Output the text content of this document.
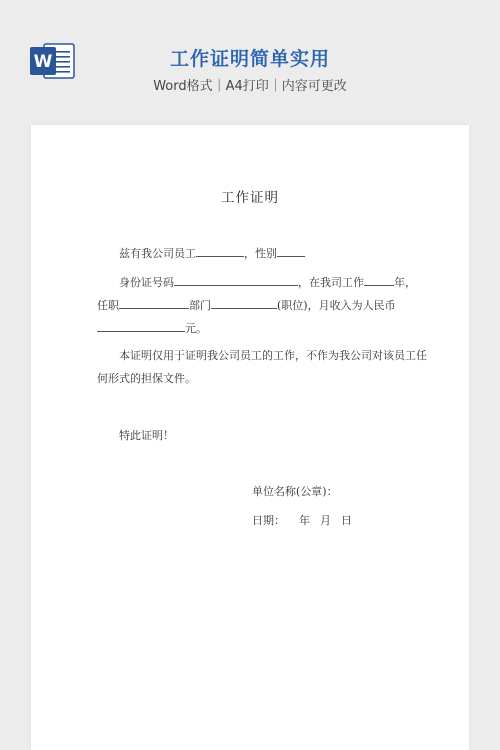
W	工作证明简单实用
Word格式｜A4打印｜内容可更改
工作证明
兹有我公司员工	，性别
身份证号码	，在我司工作	年，
任职	部门	(职位)，月收入为人民币
元。
本证明仅用于证明我公司员工的工作，不作为我公司对该员工任
何形式的担保文件。
特此证明！
单位名称(公章)：
日期： 年 月 日
